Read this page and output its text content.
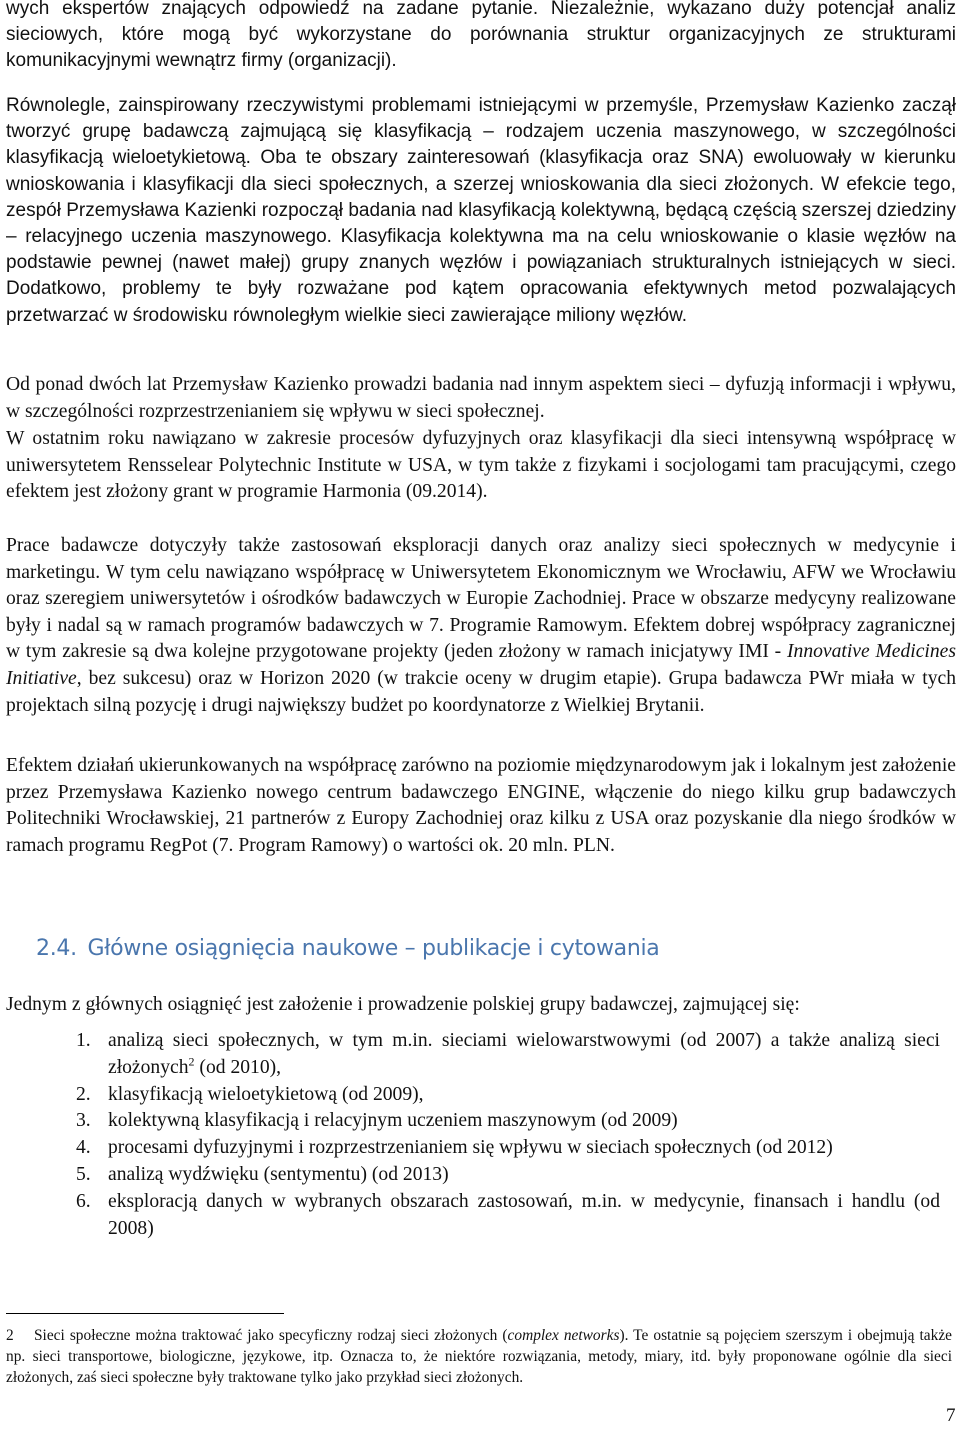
wych ekspertów znających odpowiedź na zadane pytanie. Niezależnie, wykazano duży potencjał analiz sieciowych, które mogą być wykorzystane do porównania struktur organizacyjnych ze strukturami komunikacyjnymi wewnątrz firmy (organizacji).

Równolegle, zainspirowany rzeczywistymi problemami istniejącymi w przemyśle, Przemysław Kazienko zaczął tworzyć grupę badawczą zajmującą się klasyfikacją – rodzajem uczenia maszynowego, w szczególności klasyfikacją wieloetykietową. Oba te obszary zainteresowań (klasyfikacja oraz SNA) ewoluowały w kierunku wnioskowania i klasyfikacji dla sieci społecznych, a szerzej wnioskowania dla sieci złożonych. W efekcie tego, zespół Przemysława Kazienki rozpoczął badania nad klasyfikacją kolektywną, będącą częścią szerszej dziedziny – relacyjnego uczenia maszynowego. Klasyfikacja kolektywna ma na celu wnioskowanie o klasie węzłów na podstawie pewnej (nawet małej) grupy znanych węzłów i powiązaniach strukturalnych istniejących w sieci. Dodatkowo, problemy te były rozważane pod kątem opracowania efektywnych metod pozwalających przetwarzać w środowisku równoległym wielkie sieci zawierające miliony węzłów.

Od ponad dwóch lat Przemysław Kazienko prowadzi badania nad innym aspektem sieci – dyfuzją informacji i wpływu, w szczególności rozprzestrzenianiem się wpływu w sieci społecznej.

W ostatnim roku nawiązano w zakresie procesów dyfuzyjnych oraz klasyfikacji dla sieci intensywną współpracę w uniwersytetem Rensselear Polytechnic Institute w USA, w tym także z fizykami i socjologami tam pracującymi, czego efektem jest złożony grant w programie Harmonia (09.2014).

Prace badawcze dotyczyły także zastosowań eksploracji danych oraz analizy sieci społecznych w medycynie i marketingu. W tym celu nawiązano współpracę w Uniwersytetem Ekonomicznym we Wrocławiu, AFW we Wrocławiu oraz szeregiem uniwersytetów i ośrodków badawczych w Europie Zachodniej. Prace w obszarze medycyny realizowane były i nadal są w ramach programów badawczych w 7. Programie Ramowym. Efektem dobrej współpracy zagranicznej w tym zakresie są dwa kolejne przygotowane projekty (jeden złożony w ramach inicjatywy IMI - Innovative Medicines Initiative, bez sukcesu) oraz w Horizon 2020 (w trakcie oceny w drugim etapie). Grupa badawcza PWr miała w tych projektach silną pozycję i drugi największy budżet po koordynatorze z Wielkiej Brytanii.

Efektem działań ukierunkowanych na współpracę zarówno na poziomie międzynarodowym jak i lokalnym jest założenie przez Przemysława Kazienko nowego centrum badawczego ENGINE, włączenie do niego kilku grup badawczych Politechniki Wrocławskiej, 21 partnerów z Europy Zachodniej oraz kilku z USA oraz pozyskanie dla niego środków w ramach programu RegPot (7. Program Ramowy) o wartości ok. 20 mln. PLN.

2.4. Główne osiągnięcia naukowe – publikacje i cytowania

Jednym z głównych osiągnięć jest założenie i prowadzenie polskiej grupy badawczej, zajmującej się:

1. analizą sieci społecznych, w tym m.in. sieciami wielowarstwowymi (od 2007) a także analizą sieci złożonych$^2$ (od 2010),
2. klasyfikacją wieloetykietową (od 2009),
3. kolektywną klasyfikacją i relacyjnym uczeniem maszynowym (od 2009)
4. procesami dyfuzyjnymi i rozprzestrzenianiem się wpływu w sieciach społecznych (od 2012)
5. analizą wydźwięku (sentymentu) (od 2013)
6. eksploracją danych w wybranych obszarach zastosowań, m.in. w medycynie, finansach i handlu (od 2008)

2 Sieci społeczne można traktować jako specyficzny rodzaj sieci złożonych (complex networks). Te ostatnie są pojęciem szerszym i obejmują także np. sieci transportowe, biologiczne, językowe, itp. Oznacza to, że niektóre rozwiązania, metody, miary, itd. były proponowane ogólnie dla sieci złożonych, zaś sieci społeczne były traktowane tylko jako przykład sieci złożonych.

7
